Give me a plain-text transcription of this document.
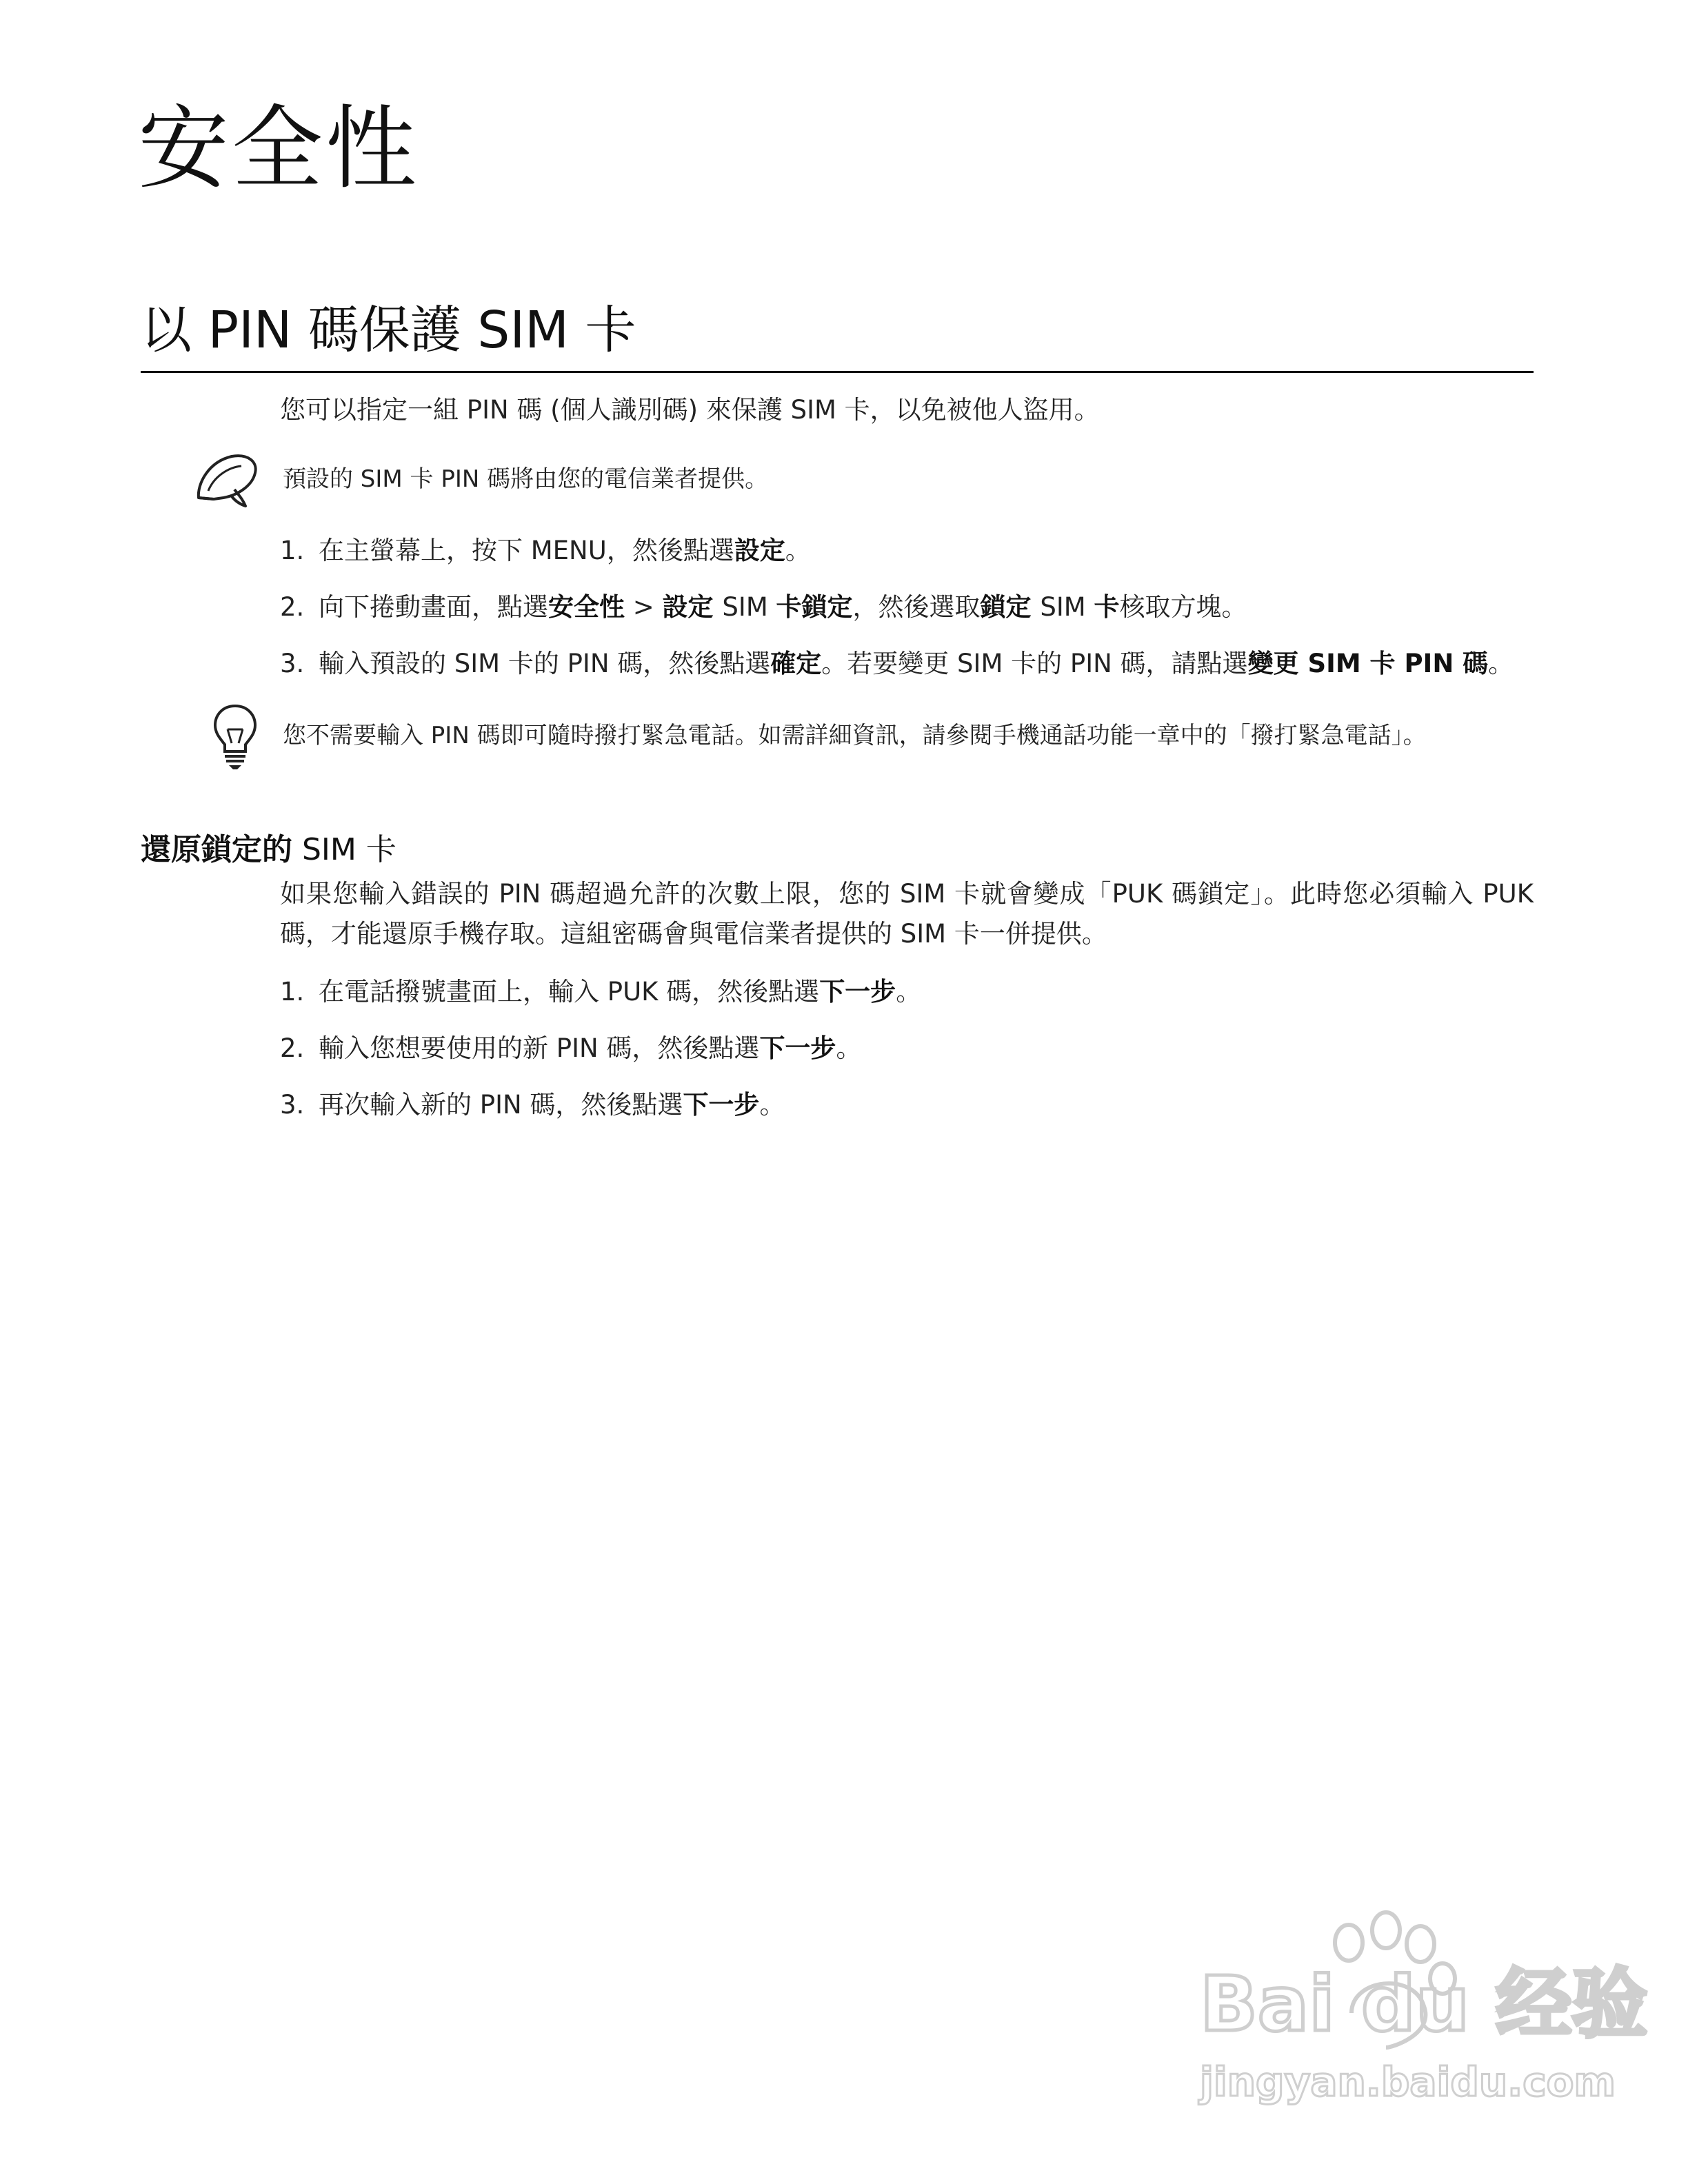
安全性
以 PIN 碼保護 SIM 卡
您可以指定一組 PIN 碼 (個人識別碼) 來保護 SIM 卡，以免被他人盜用。
預設的 SIM 卡 PIN 碼將由您的電信業者提供。
1. 在主螢幕上，按下 MENU，然後點選設定。
2. 向下捲動畫面，點選安全性 > 設定 SIM 卡鎖定，然後選取鎖定 SIM 卡核取方塊。
3. 輸入預設的 SIM 卡的 PIN 碼，然後點選確定。若要變更 SIM 卡的 PIN 碼，請點選變更 SIM 卡 PIN 碼。
您不需要輸入 PIN 碼即可隨時撥打緊急電話。如需詳細資訊，請參閱手機通話功能一章中的「撥打緊急電話」。
還原鎖定的 SIM 卡
如果您輸入錯誤的 PIN 碼超過允許的次數上限，您的 SIM 卡就會變成「PUK 碼鎖定」。此時您必須輸入 PUK 碼，才能還原手機存取。這組密碼會與電信業者提供的 SIM 卡一併提供。
1. 在電話撥號畫面上，輸入 PUK 碼，然後點選下一步。
2. 輸入您想要使用的新 PIN 碼，然後點選下一步。
3. 再次輸入新的 PIN 碼，然後點選下一步。
Bai du 经验
jingyan.baidu.com
